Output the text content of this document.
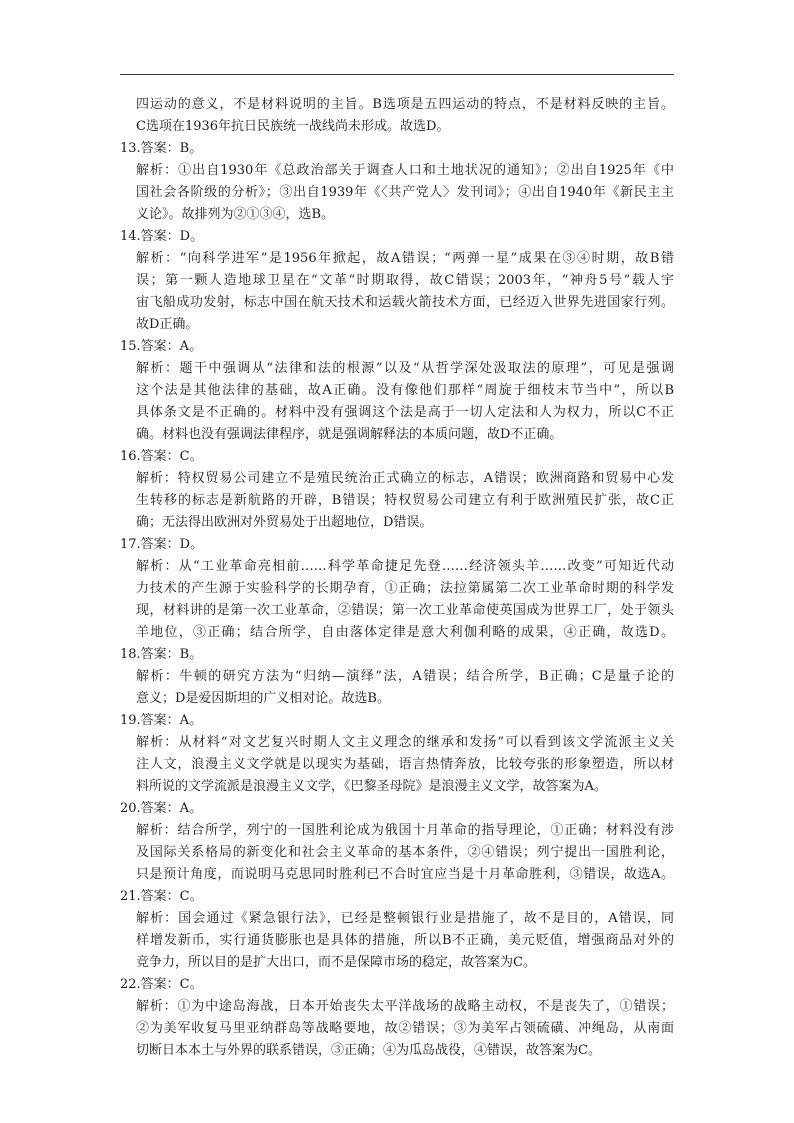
四运动的意义，不是材料说明的主旨。B选项是五四运动的特点，不是材料反映的主旨。
C选项在1936年抗日民族统一战线尚未形成。故选D。
13.答案：B。
解析：①出自1930年《总政治部关于调查人口和土地状况的通知》；②出自1925年《中
国社会各阶级的分析》；③出自1939年《〈共产党人〉发刊词》；④出自1940年《新民主主
义论》。故排列为②①③④，选B。
14.答案：D。
解析：“向科学进军”是1956年掀起，故A错误；“两弹一星”成果在③④时期，故B错
误；第一颗人造地球卫星在“文革“时期取得，故C错误；2003年，“神舟5号”载人宇
宙飞船成功发射，标志中国在航天技术和运载火箭技术方面，已经迈入世界先进国家行列。
故D正确。
15.答案：A。
解析：题干中强调从“法律和法的根源”以及“从哲学深处汲取法的原理”，可见是强调
这个法是其他法律的基础，故A正确。没有像他们那样“周旋于细枝末节当中”，所以B
具体条文是不正确的。材料中没有强调这个法是高于一切人定法和人为权力，所以C不正
确。材料也没有强调法律程序，就是强调解释法的本质问题，故D不正确。
16.答案：C。
解析：特权贸易公司建立不是殖民统治正式确立的标志，A错误；欧洲商路和贸易中心发
生转移的标志是新航路的开辟，B错误；特权贸易公司建立有利于欧洲殖民扩张，故C正
确；无法得出欧洲对外贸易处于出超地位，D错误。
17.答案：D。
解析：从“工业革命亮相前……科学革命捷足先登……经济领头羊……改变”可知近代动
力技术的产生源于实验科学的长期孕育，①正确；法拉第属第二次工业革命时期的科学发
现，材料讲的是第一次工业革命，②错误；第一次工业革命使英国成为世界工厂，处于领头
羊地位，③正确；结合所学，自由落体定律是意大利伽利略的成果，④正确，故选D。
18.答案：B。
解析：牛顿的研究方法为“归纳—演绎”法，A错误；结合所学，B正确；C是量子论的
意义；D是爱因斯坦的广义相对论。故选B。
19.答案：A。
解析：从材料“对文艺复兴时期人文主义理念的继承和发扬”可以看到该文学流派主义关
注人文，浪漫主义文学就是以现实为基础，语言热情奔放，比较夸张的形象塑造，所以材
料所说的文学流派是浪漫主义文学，《巴黎圣母院》是浪漫主义文学，故答案为A。
20.答案：A。
解析：结合所学，列宁的一国胜利论成为俄国十月革命的指导理论，①正确；材料没有涉
及国际关系格局的新变化和社会主义革命的基本条件，②④错误；列宁提出一国胜利论，
只是预计角度，而说明马克思同时胜利已不合时宜应当是十月革命胜利，③错误，故选A。
21.答案：C。
解析：国会通过《紧急银行法》，已经是整顿银行业是措施了，故不是目的，A错误，同
样增发新币，实行通货膨胀也是具体的措施，所以B不正确，美元贬值，增强商品对外的
竞争力，所以目的是扩大出口，而不是保障市场的稳定，故答案为C。
22.答案：C。
解析：①为中途岛海战，日本开始丧失太平洋战场的战略主动权，不是丧失了，①错误；
②为美军收复马里亚纳群岛等战略要地，故②错误；③为美军占领硫磺、冲绳岛，从南面
切断日本本土与外界的联系错误，③正确；④为瓜岛战役，④错误，故答案为C。
